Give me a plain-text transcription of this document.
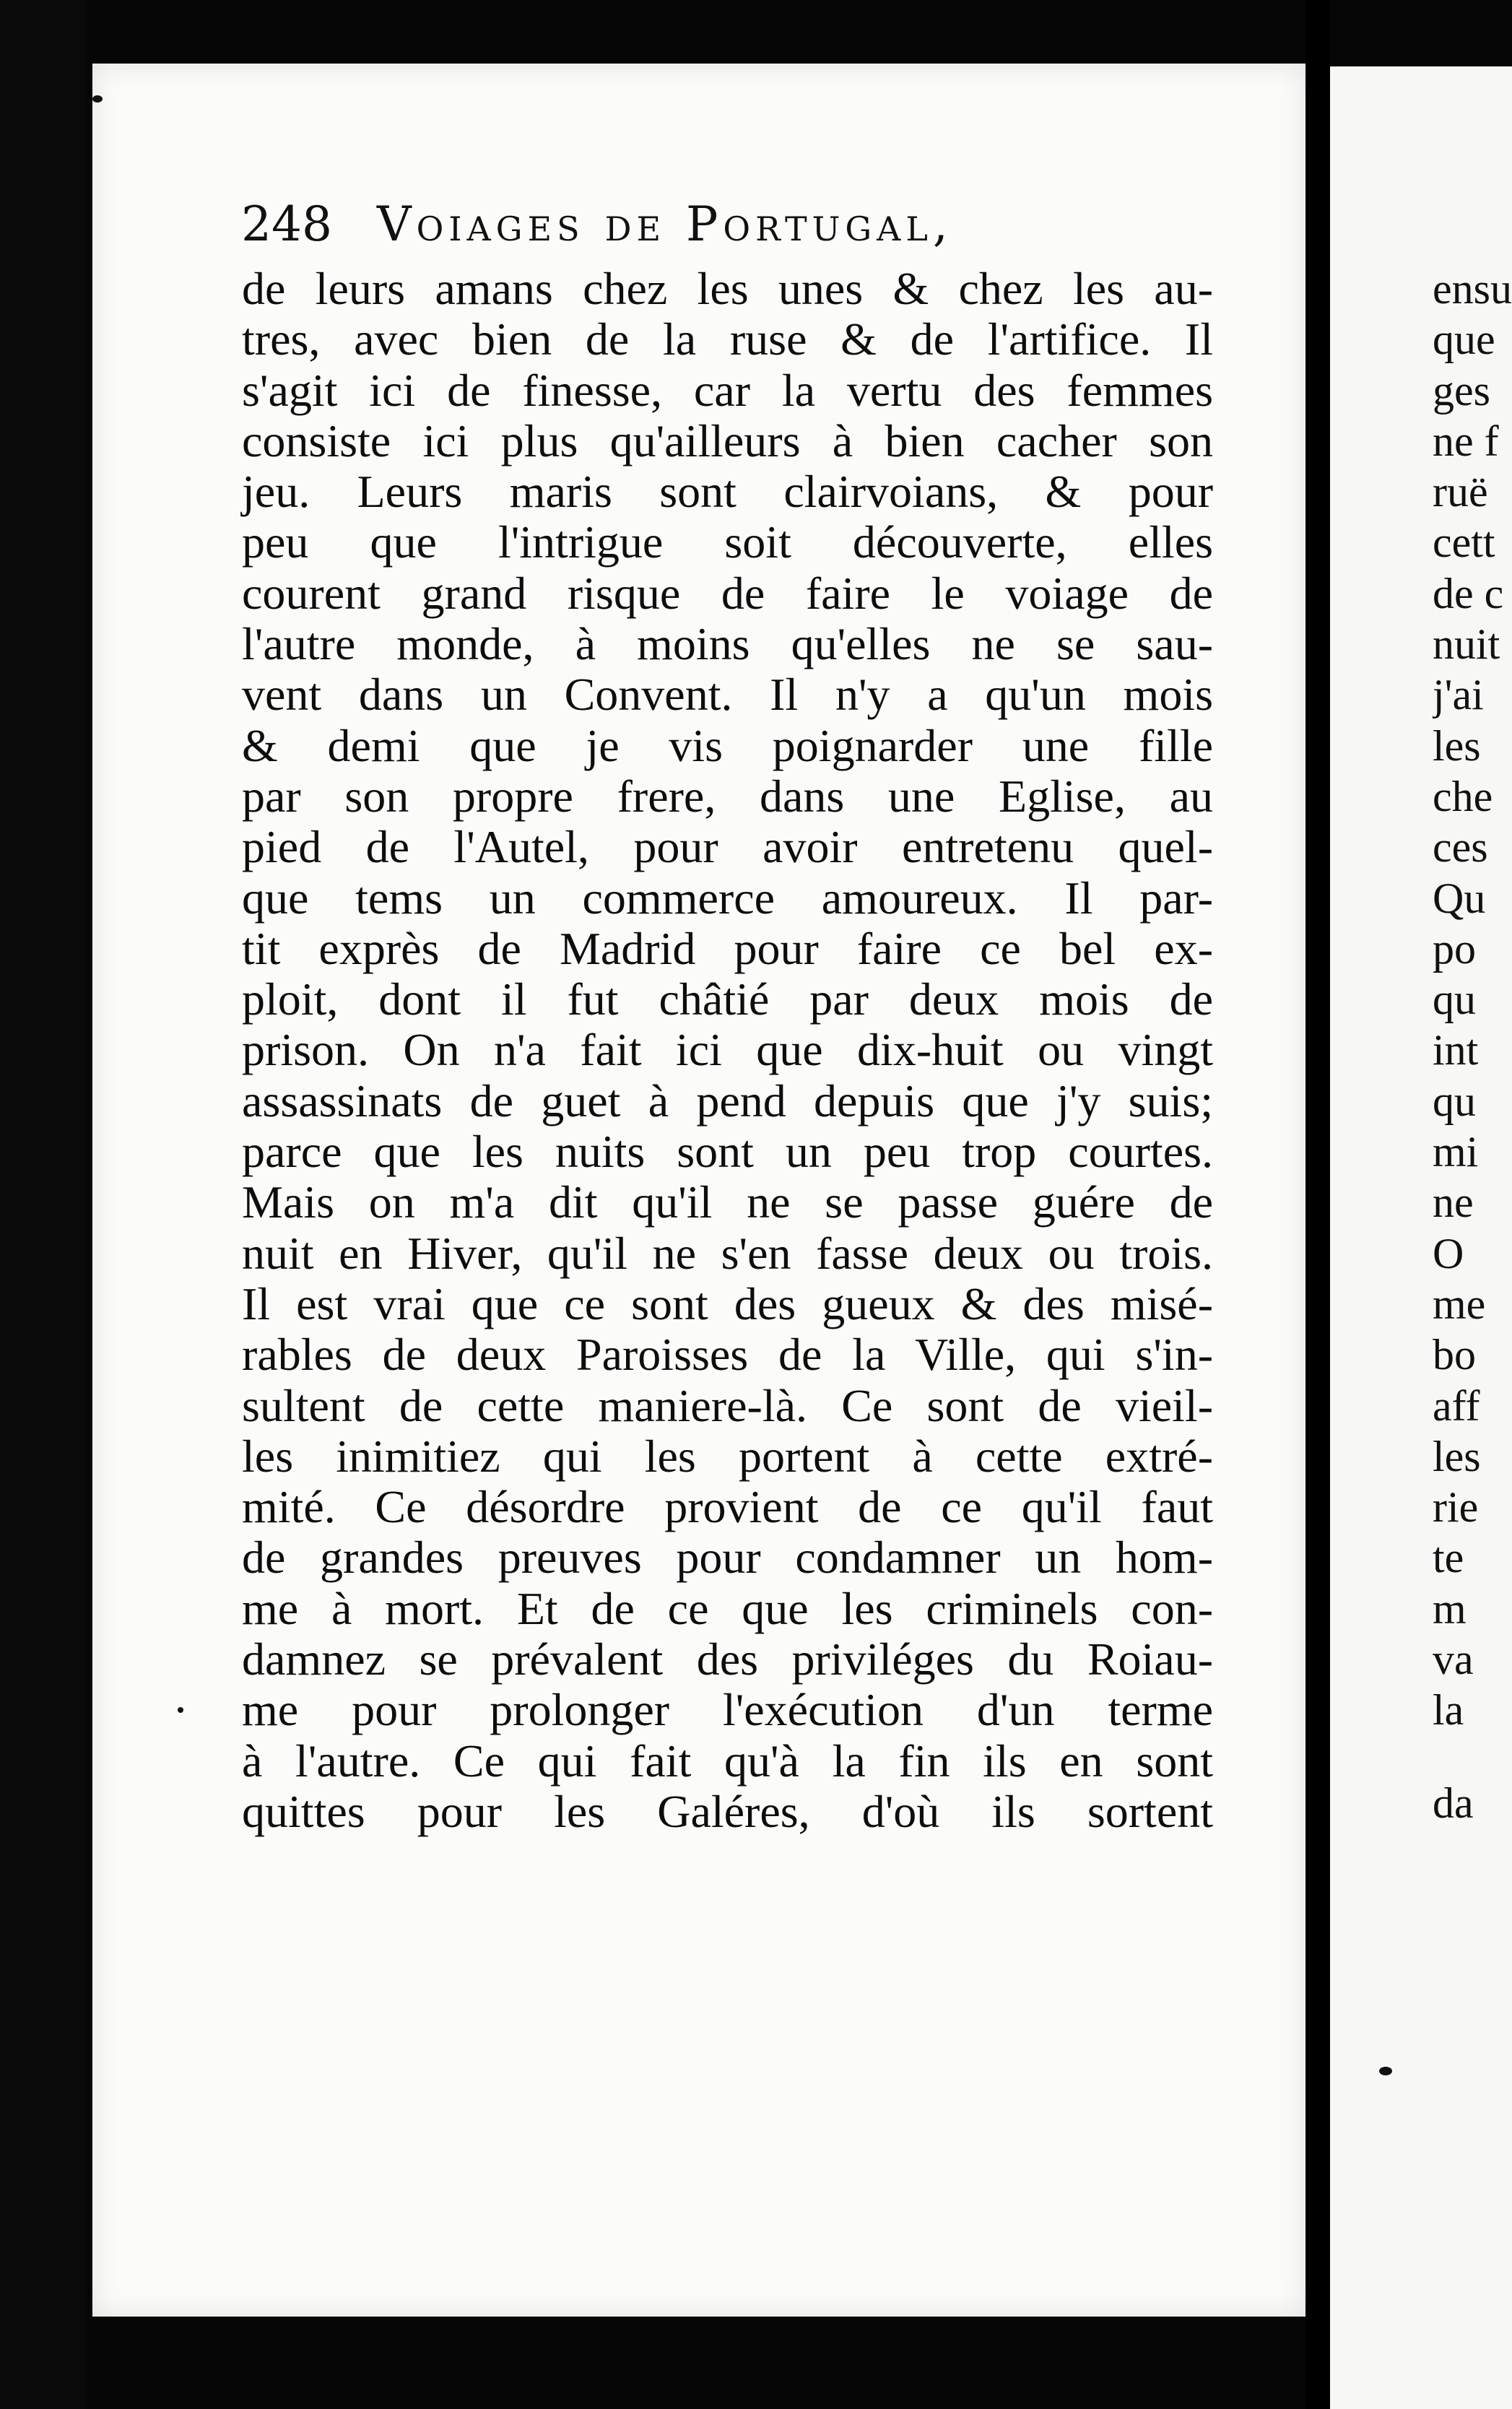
248 Voiages de Portugal,
de leurs amans chez les unes & chez les au-
tres, avec bien de la ruse & de l'artifice. Il
s'agit ici de finesse, car la vertu des femmes
consiste ici plus qu'ailleurs à bien cacher son
jeu. Leurs maris sont clairvoians, & pour
peu que l'intrigue soit découverte, elles
courent grand risque de faire le voiage de
l'autre monde, à moins qu'elles ne se sau-
vent dans un Convent. Il n'y a qu'un mois
& demi que je vis poignarder une fille
par son propre frere, dans une Eglise, au
pied de l'Autel, pour avoir entretenu quel-
que tems un commerce amoureux. Il par-
tit exprès de Madrid pour faire ce bel ex-
ploit, dont il fut châtié par deux mois de
prison. On n'a fait ici que dix-huit ou vingt
assassinats de guet à pend depuis que j'y suis;
parce que les nuits sont un peu trop courtes.
Mais on m'a dit qu'il ne se passe guére de
nuit en Hiver, qu'il ne s'en fasse deux ou trois.
Il est vrai que ce sont des gueux & des misé-
rables de deux Paroisses de la Ville, qui s'in-
sultent de cette maniere-là. Ce sont de vieil-
les inimitiez qui les portent à cette extré-
mité. Ce désordre provient de ce qu'il faut
de grandes preuves pour condamner un hom-
me à mort. Et de ce que les criminels con-
damnez se prévalent des priviléges du Roiau-
me pour prolonger l'exécution d'un terme
à l'autre. Ce qui fait qu'à la fin ils en sont
quittes pour les Galéres, d'où ils sortent
ensu
que
ges
ne f
ruë
cett
de c
nuit
j'ai
les
che
ces
Qu
po
qu
int
qu
mi
ne
O
me
bo
aff
les
rie
te
m
va
la
da
